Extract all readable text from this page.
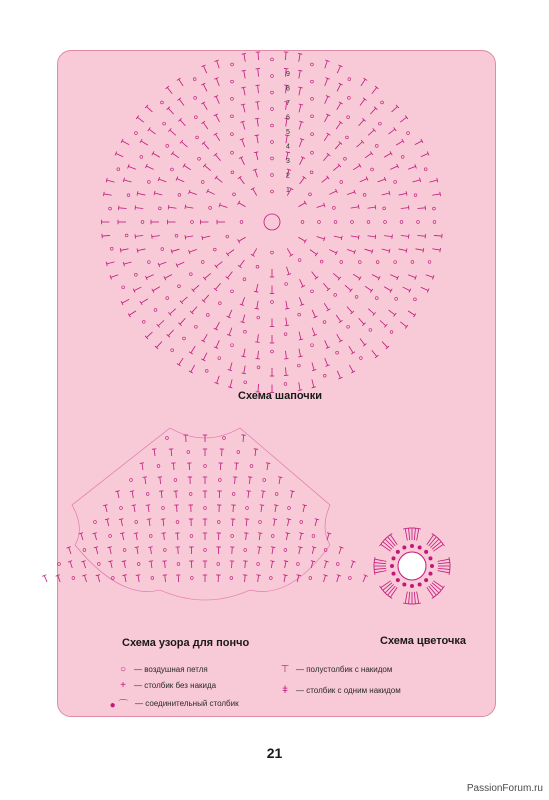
9
8
7
6
5
4
3
2
1
Схема шапочки
Схема узора для пончо	Схема цветочка
○ — воздушная петля
+	— столбик без накида
● ⌒ — соединительный столбик
⊤ — полустолбик с накидом
ǂ	— столбик с одним накидом
21
PassionForum.ru
